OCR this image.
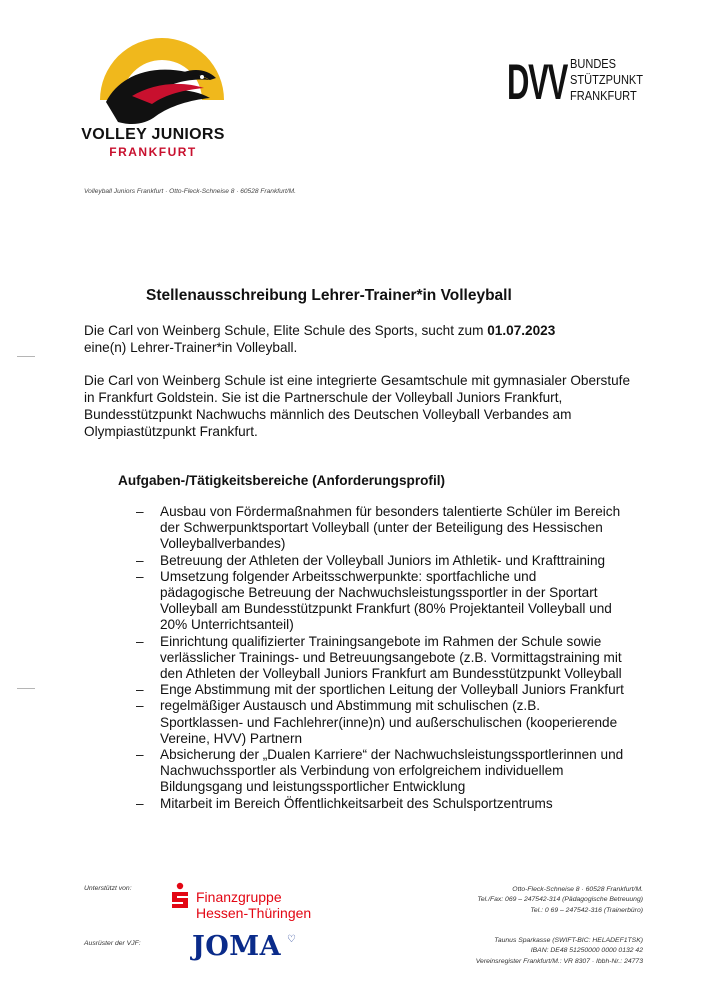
VOLLEY JUNIORS
FRANKFURT
DVV BUNDES
STÜTZPUNKT
FRANKFURT
Volleyball Juniors Frankfurt · Otto-Fleck-Schneise 8 · 60528 Frankfurt/M.
Stellenausschreibung Lehrer-Trainer*in Volleyball
Die Carl von Weinberg Schule, Elite Schule des Sports, sucht zum 01.07.2023
eine(n) Lehrer-Trainer*in Volleyball.
Die Carl von Weinberg Schule ist eine integrierte Gesamtschule mit gymnasialer Oberstufe in Frankfurt Goldstein. Sie ist die Partnerschule der Volleyball Juniors Frankfurt, Bundesstützpunkt Nachwuchs männlich des Deutschen Volleyball Verbandes am Olympiastützpunkt Frankfurt.
Aufgaben-/Tätigkeitsbereiche (Anforderungsprofil)
– Ausbau von Fördermaßnahmen für besonders talentierte Schüler im Bereich der Schwerpunktsportart Volleyball (unter der Beteiligung des Hessischen Volleyballverbandes)
– Betreuung der Athleten der Volleyball Juniors im Athletik- und Krafttraining
– Umsetzung folgender Arbeitsschwerpunkte: sportfachliche und pädagogische Betreuung der Nachwuchsleistungssportler in der Sportart Volleyball am Bundesstützpunkt Frankfurt (80% Projektanteil Volleyball und 20% Unterrichtsanteil)
– Einrichtung qualifizierter Trainingsangebote im Rahmen der Schule sowie verlässlicher Trainings- und Betreuungsangebote (z.B. Vormittagstraining mit den Athleten der Volleyball Juniors Frankfurt am Bundesstützpunkt Volleyball
– Enge Abstimmung mit der sportlichen Leitung der Volleyball Juniors Frankfurt
– regelmäßiger Austausch und Abstimmung mit schulischen (z.B. Sportklassen- und Fachlehrer(inne)n) und außerschulischen (kooperierende Vereine, HVV) Partnern
– Absicherung der „Dualen Karriere“ der Nachwuchsleistungssportlerinnen und Nachwuchssportler als Verbindung von erfolgreichem individuellem Bildungsgang und leistungssportlicher Entwicklung
– Mitarbeit im Bereich Öffentlichkeitsarbeit des Schulsportzentrums
Unterstützt von:
Finanzgruppe
Hessen-Thüringen
Ausrüster der VJF: JOMA ♡
Otto-Fleck-Schneise 8 · 60528 Frankfurt/M.
Tel./Fax: 069 – 247542-314 (Pädagogische Betreuung)
Tel.: 0 69 – 247542-316 (Trainerbüro)
Taunus Sparkasse (SWIFT-BIC: HELADEF1TSK)
IBAN: DE48 51250000 0000 0132 42
Vereinsregister Frankfurt/M.: VR 8307 · Ibbh-Nr.: 24773
